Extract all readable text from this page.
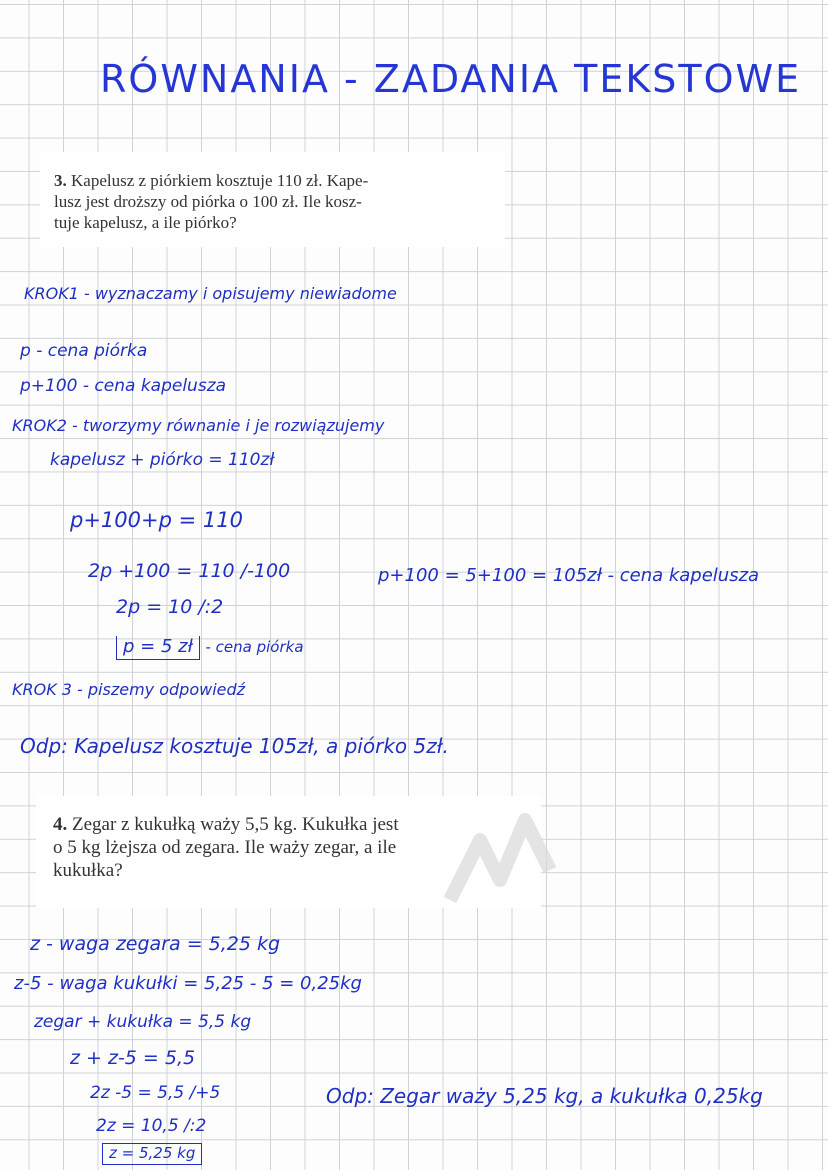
RÓWNANIA - ZADANIA TEKSTOWE
3. Kapelusz z piórkiem kosztuje 110 zł. Kape-
lusz jest droższy od piórka o 100 zł. Ile kosz-
tuje kapelusz, a ile piórko?
KROK1 - wyznaczamy i opisujemy niewiadome
p - cena piórka
p+100 - cena kapelusza
KROK2 - tworzymy równanie i je rozwiązujemy
kapelusz + piórko = 110zł
p+100+p = 110
2p +100 = 110 /-100
2p = 10 /:2
p = 5 zł - cena piórka
p+100 = 5+100 = 105zł - cena kapelusza
KROK 3 - piszemy odpowiedź
Odp: Kapelusz kosztuje 105zł, a piórko 5zł.
4. Zegar z kukułką waży 5,5 kg. Kukułka jest
o 5 kg lżejsza od zegara. Ile waży zegar, a ile
kukułka?
z - waga zegara = 5,25 kg
z-5 - waga kukułki = 5,25 - 5 = 0,25kg
zegar + kukułka = 5,5 kg
z + z-5 = 5,5
2z -5 = 5,5 /+5
2z = 10,5 /:2
z = 5,25 kg
Odp: Zegar waży 5,25 kg, a kukułka 0,25kg
